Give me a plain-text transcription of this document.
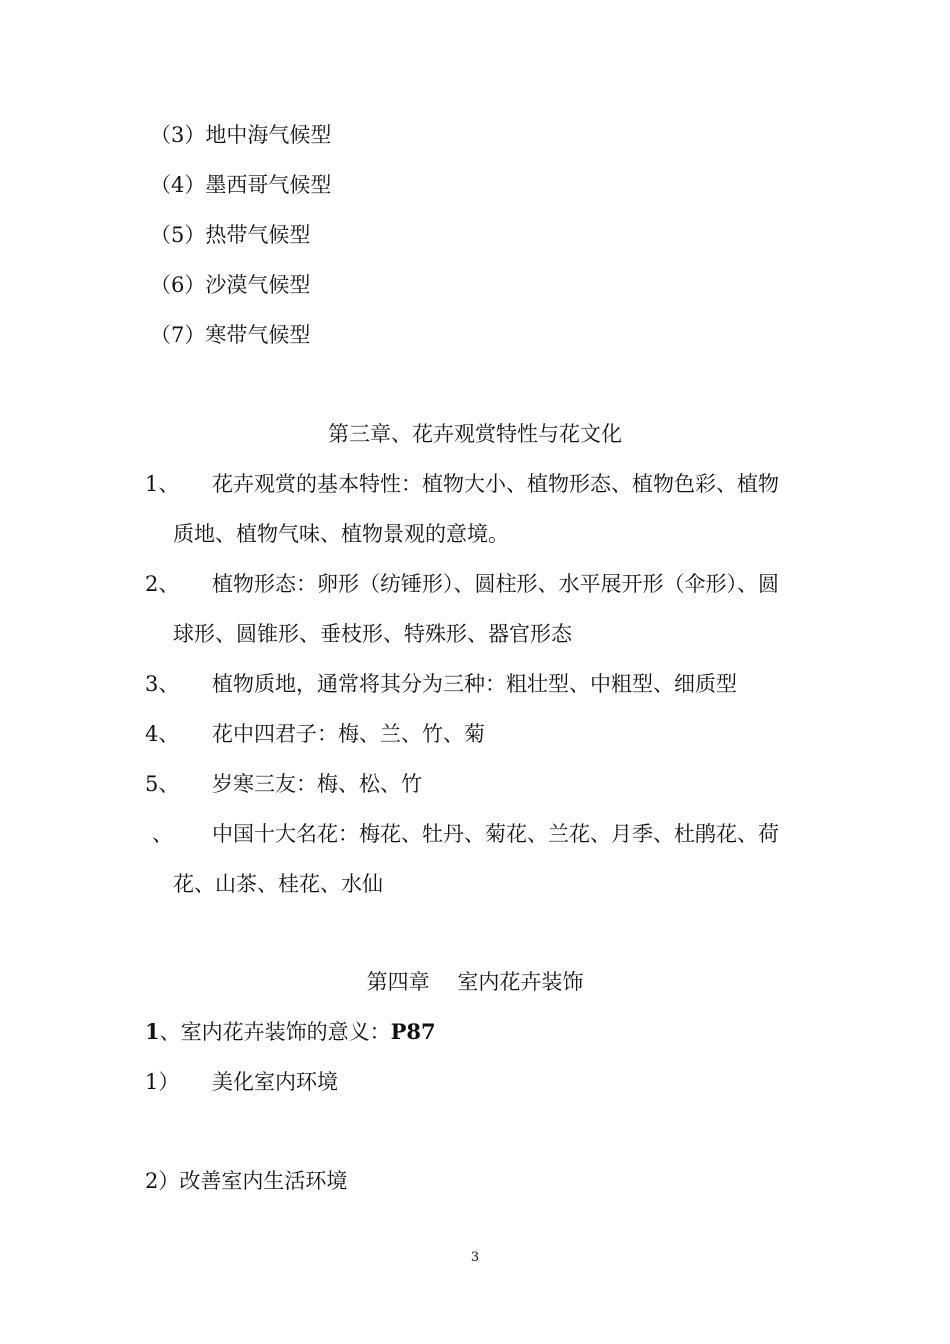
（3）地中海气候型
（4）墨西哥气候型
（5）热带气候型
（6）沙漠气候型
（7）寒带气候型
第三章、花卉观赏特性与花文化
1、 花卉观赏的基本特性：植物大小、植物形态、植物色彩、植物
质地、植物气味、植物景观的意境。
2、 植物形态：卵形（纺锤形）、圆柱形、水平展开形（伞形）、圆
球形、圆锥形、垂枝形、特殊形、器官形态
3、 植物质地，通常将其分为三种：粗壮型、中粗型、细质型
4、 花中四君子：梅、兰、竹、菊
5、 岁寒三友：梅、松、竹
、 中国十大名花：梅花、牡丹、菊花、兰花、月季、杜鹃花、荷
花、山茶、桂花、水仙
第四章　 室内花卉装饰
1、室内花卉装饰的意义：P87
1） 美化室内环境
2）改善室内生活环境
3
